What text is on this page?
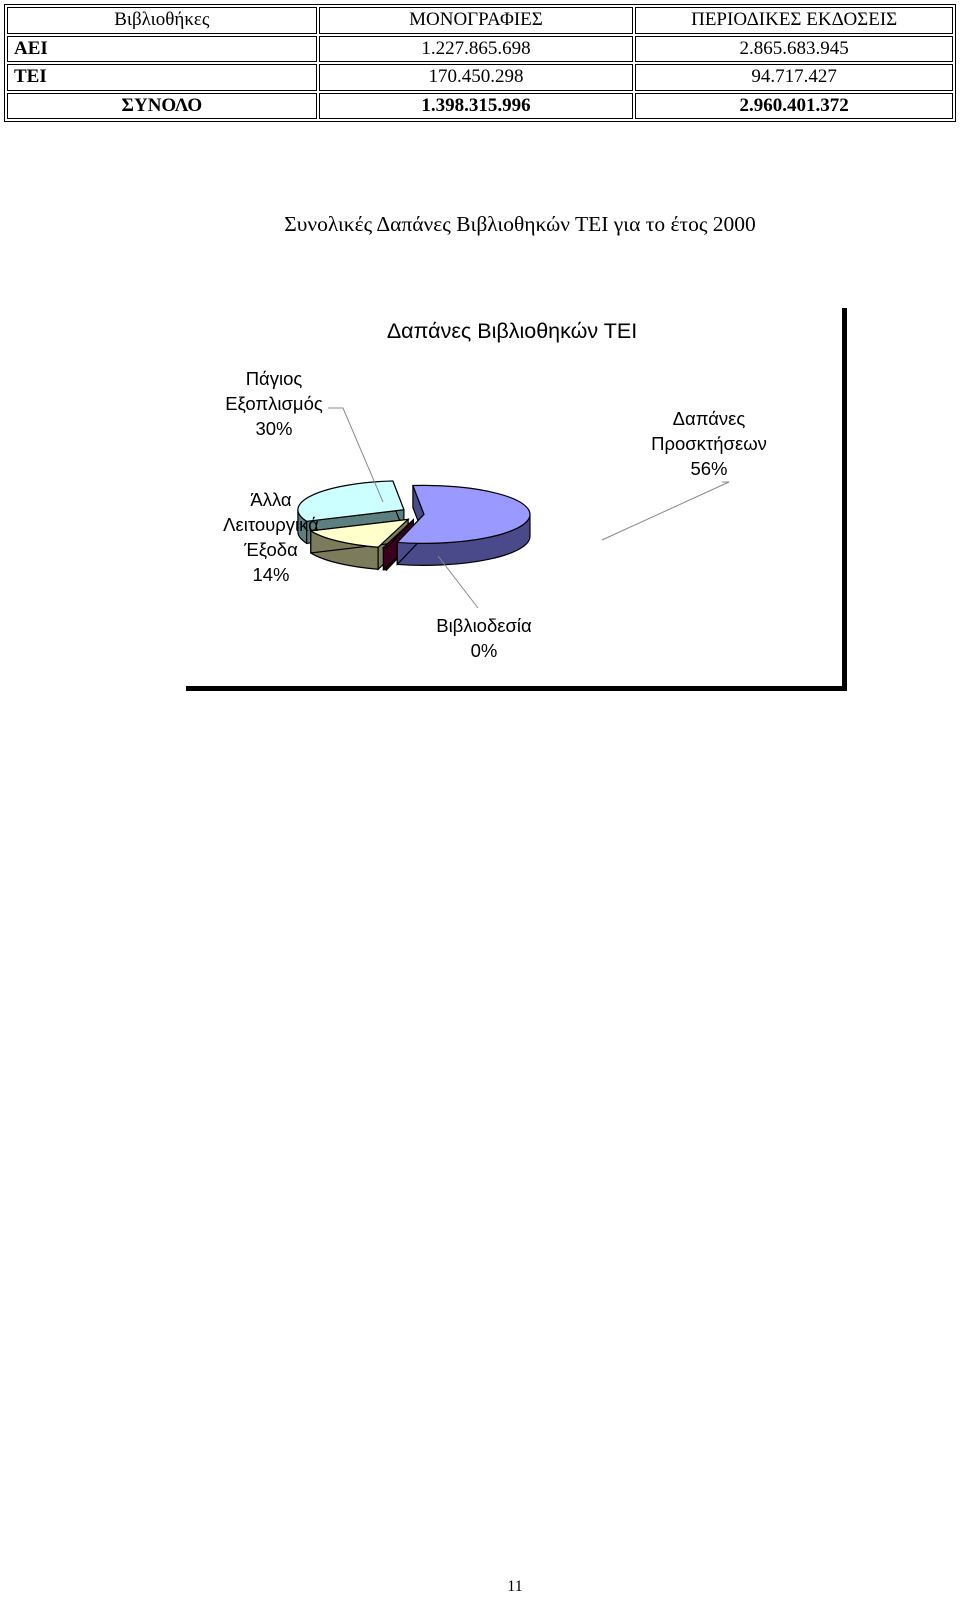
Βιβλιοθήκες	ΜΟΝΟΓΡΑΦΙΕΣ	ΠΕΡΙΟΔΙΚΕΣ ΕΚΔΟΣΕΙΣ
ΑΕΙ	1.227.865.698	2.865.683.945
ΤΕΙ	170.450.298	94.717.427
ΣΥΝΟΛΟ	1.398.315.996	2.960.401.372
Συνολικές Δαπάνες Βιβλιοθηκών ΤΕΙ για το έτος 2000
Δαπάνες Βιβλιοθηκών ΤΕΙ
Δαπάνες
Προσκτήσεων
56%
Βιβλιοδεσία
0%
Άλλα
Λειτουργικά
Έξοδα
14%
Πάγιος
Εξοπλισμός
30%
11
